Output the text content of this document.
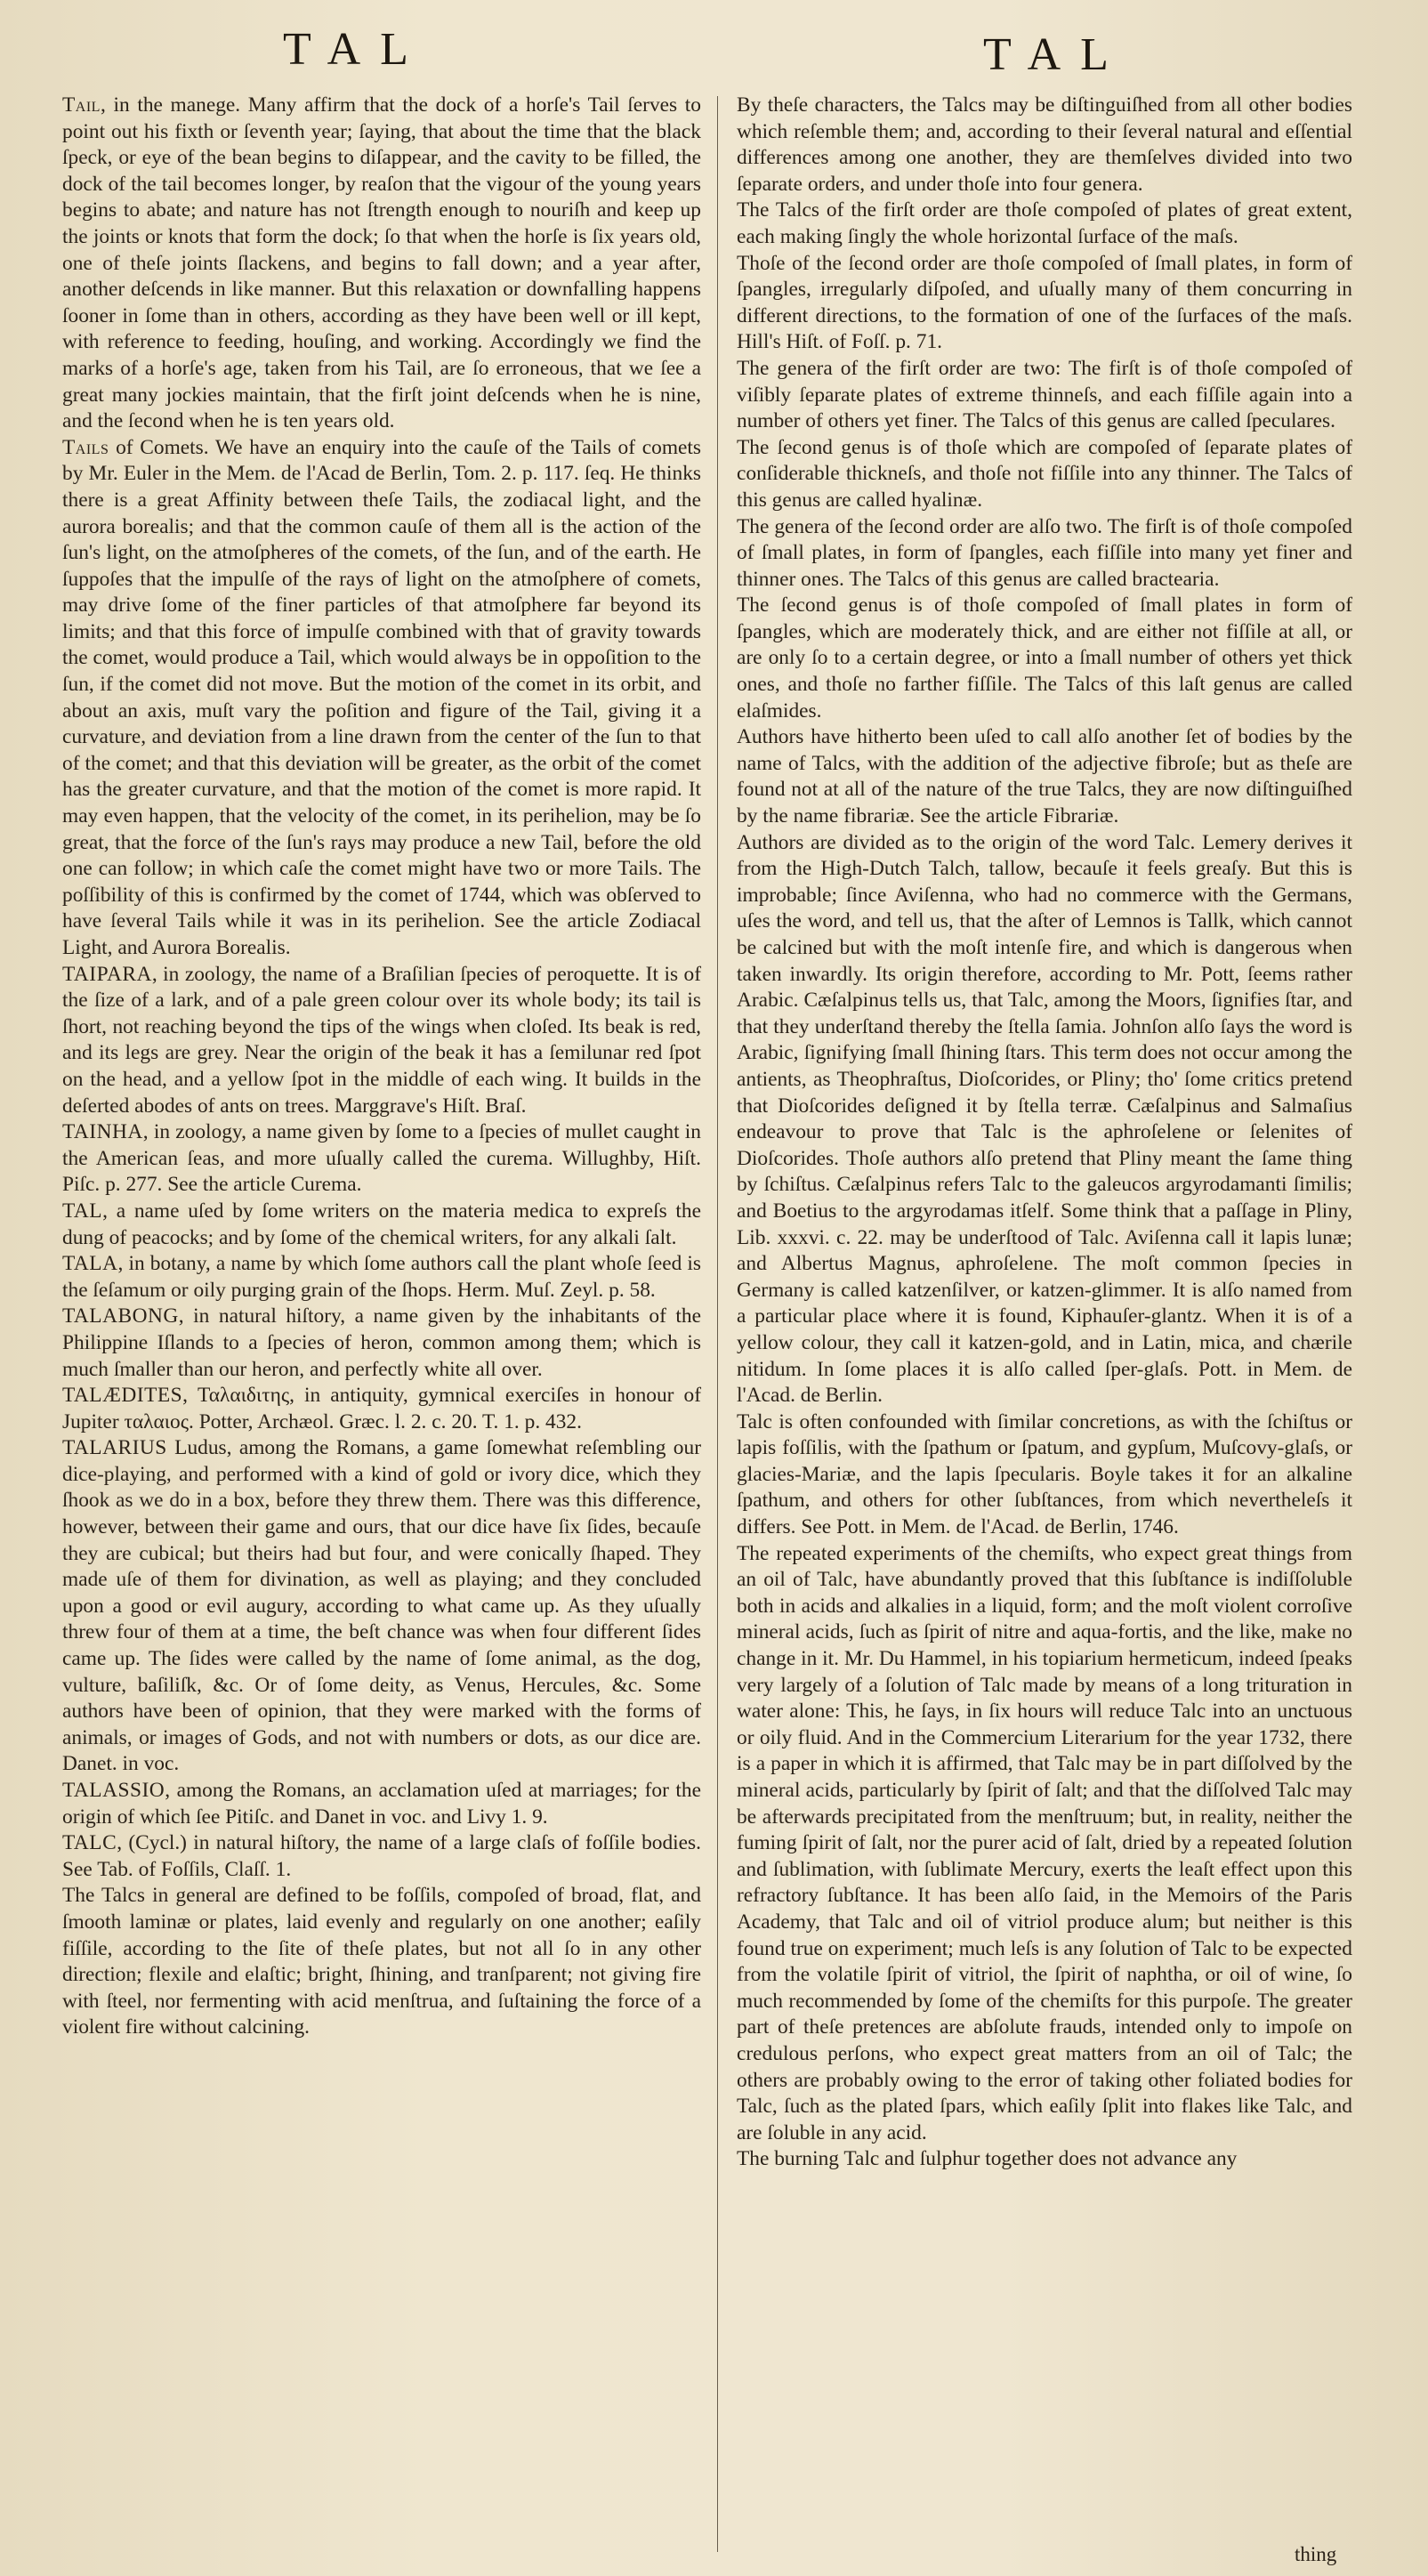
TAL	TAL

Tail, in the manege. Many affirm that the dock of a horſe's Tail ſerves to point out his fixth or ſeventh year; ſaying, that about the time that the black ſpeck, or eye of the bean begins to diſappear, and the cavity to be filled, the dock of the tail becomes longer, by reaſon that the vigour of the young years begins to abate; and nature has not ſtrength enough to nouriſh and keep up the joints or knots that form the dock; ſo that when the horſe is ſix years old, one of theſe joints ſlackens, and begins to fall down; and a year after, another deſcends in like manner. But this relaxation or downfalling happens ſooner in ſome than in others, according as they have been well or ill kept, with reference to feeding, houſing, and working. Accordingly we find the marks of a horſe's age, taken from his Tail, are ſo erroneous, that we ſee a great many jockies maintain, that the firſt joint deſcends when he is nine, and the ſecond when he is ten years old.

Tails of Comets. We have an enquiry into the cauſe of the Tails of comets by Mr. Euler in the Mem. de l'Acad de Berlin, Tom. 2. p. 117. ſeq. He thinks there is a great Affinity between theſe Tails, the zodiacal light, and the aurora borealis; and that the common cauſe of them all is the action of the ſun's light, on the atmoſpheres of the comets, of the ſun, and of the earth. He ſuppoſes that the impulſe of the rays of light on the atmoſphere of comets, may drive ſome of the finer particles of that atmoſphere far beyond its limits; and that this force of impulſe combined with that of gravity towards the comet, would produce a Tail, which would always be in oppoſition to the ſun, if the comet did not move. But the motion of the comet in its orbit, and about an axis, muſt vary the poſition and figure of the Tail, giving it a curvature, and deviation from a line drawn from the center of the ſun to that of the comet; and that this deviation will be greater, as the orbit of the comet has the greater curvature, and that the motion of the comet is more rapid. It may even happen, that the velocity of the comet, in its perihelion, may be ſo great, that the force of the ſun's rays may produce a new Tail, before the old one can follow; in which caſe the comet might have two or more Tails. The poſſibility of this is confirmed by the comet of 1744, which was obſerved to have ſeveral Tails while it was in its perihelion. See the article Zodiacal Light, and Aurora Borealis.

TAIPARA, in zoology, the name of a Braſilian ſpecies of peroquette. It is of the ſize of a lark, and of a pale green colour over its whole body; its tail is ſhort, not reaching beyond the tips of the wings when cloſed. Its beak is red, and its legs are grey. Near the origin of the beak it has a ſemilunar red ſpot on the head, and a yellow ſpot in the middle of each wing. It builds in the deſerted abodes of ants on trees. Marggrave's Hiſt. Braſ.

TAINHA, in zoology, a name given by ſome to a ſpecies of mullet caught in the American ſeas, and more uſually called the curema. Willughby, Hiſt. Piſc. p. 277. See the article Curema.

TAL, a name uſed by ſome writers on the materia medica to expreſs the dung of peacocks; and by ſome of the chemical writers, for any alkali ſalt.

TALA, in botany, a name by which ſome authors call the plant whoſe ſeed is the ſeſamum or oily purging grain of the ſhops. Herm. Muſ. Zeyl. p. 58.

TALABONG, in natural hiſtory, a name given by the inhabitants of the Philippine Iſlands to a ſpecies of heron, common among them; which is much ſmaller than our heron, and perfectly white all over.

TALÆDITES, Ταλαιδιτης, in antiquity, gymnical exerciſes in honour of Jupiter ταλαιος. Potter, Archæol. Græc. l. 2. c. 20. T. 1. p. 432.

TALARIUS Ludus, among the Romans, a game ſomewhat reſembling our dice-playing, and performed with a kind of gold or ivory dice, which they ſhook as we do in a box, before they threw them. There was this difference, however, between their game and ours, that our dice have ſix ſides, becauſe they are cubical; but theirs had but four, and were conically ſhaped. They made uſe of them for divination, as well as playing; and they concluded upon a good or evil augury, according to what came up. As they uſually threw four of them at a time, the beſt chance was when four different ſides came up. The ſides were called by the name of ſome animal, as the dog, vulture, baſiliſk, &c. Or of ſome deity, as Venus, Hercules, &c. Some authors have been of opinion, that they were marked with the forms of animals, or images of Gods, and not with numbers or dots, as our dice are. Danet. in voc.

TALASSIO, among the Romans, an acclamation uſed at marriages; for the origin of which ſee Pitiſc. and Danet in voc. and Livy 1. 9.

TALC, (Cycl.) in natural hiſtory, the name of a large claſs of foſſile bodies. See Tab. of Foſſils, Claſſ. 1.

The Talcs in general are defined to be foſſils, compoſed of broad, flat, and ſmooth laminæ or plates, laid evenly and regularly on one another; eaſily fiſſile, according to the ſite of theſe plates, but not all ſo in any other direction; flexile and elaſtic; bright, ſhining, and tranſparent; not giving fire with ſteel, nor fermenting with acid menſtrua, and ſuſtaining the force of a violent fire without calcining.

By theſe characters, the Talcs may be diſtinguiſhed from all other bodies which reſemble them; and, according to their ſeveral natural and eſſential differences among one another, they are themſelves divided into two ſeparate orders, and under thoſe into four genera.

The Talcs of the firſt order are thoſe compoſed of plates of great extent, each making ſingly the whole horizontal ſurface of the maſs.

Thoſe of the ſecond order are thoſe compoſed of ſmall plates, in form of ſpangles, irregularly diſpoſed, and uſually many of them concurring in different directions, to the formation of one of the ſurfaces of the maſs. Hill's Hiſt. of Foſſ. p. 71.

The genera of the firſt order are two: The firſt is of thoſe compoſed of viſibly ſeparate plates of extreme thinneſs, and each fiſſile again into a number of others yet finer. The Talcs of this genus are called ſpeculares.

The ſecond genus is of thoſe which are compoſed of ſeparate plates of conſiderable thickneſs, and thoſe not fiſſile into any thinner. The Talcs of this genus are called hyalinæ.

The genera of the ſecond order are alſo two. The firſt is of thoſe compoſed of ſmall plates, in form of ſpangles, each fiſſile into many yet finer and thinner ones. The Talcs of this genus are called bractearia.

The ſecond genus is of thoſe compoſed of ſmall plates in form of ſpangles, which are moderately thick, and are either not fiſſile at all, or are only ſo to a certain degree, or into a ſmall number of others yet thick ones, and thoſe no farther fiſſile. The Talcs of this laſt genus are called elaſmides.

Authors have hitherto been uſed to call alſo another ſet of bodies by the name of Talcs, with the addition of the adjective fibroſe; but as theſe are found not at all of the nature of the true Talcs, they are now diſtinguiſhed by the name fibrariæ. See the article Fibrariæ.

Authors are divided as to the origin of the word Talc. Lemery derives it from the High-Dutch Talch, tallow, becauſe it feels greaſy. But this is improbable; ſince Aviſenna, who had no commerce with the Germans, uſes the word, and tell us, that the aſter of Lemnos is Tallk, which cannot be calcined but with the moſt intenſe fire, and which is dangerous when taken inwardly. Its origin therefore, according to Mr. Pott, ſeems rather Arabic. Cæſalpinus tells us, that Talc, among the Moors, ſignifies ſtar, and that they underſtand thereby the ſtella ſamia. Johnſon alſo ſays the word is Arabic, ſignifying ſmall ſhining ſtars. This term does not occur among the antients, as Theophraſtus, Dioſcorides, or Pliny; tho' ſome critics pretend that Dioſcorides deſigned it by ſtella terræ. Cæſalpinus and Salmaſius endeavour to prove that Talc is the aphroſelene or ſelenites of Dioſcorides. Thoſe authors alſo pretend that Pliny meant the ſame thing by ſchiſtus. Cæſalpinus refers Talc to the galeucos argyrodamanti ſimilis; and Boetius to the argyrodamas itſelf. Some think that a paſſage in Pliny, Lib. xxxvi. c. 22. may be underſtood of Talc. Aviſenna call it lapis lunæ; and Albertus Magnus, aphroſelene. The moſt common ſpecies in Germany is called katzenſilver, or katzen-glimmer. It is alſo named from a particular place where it is found, Kiphauſer-glantz. When it is of a yellow colour, they call it katzen-gold, and in Latin, mica, and chærile nitidum. In ſome places it is alſo called ſper-glaſs. Pott. in Mem. de l'Acad. de Berlin.

Talc is often confounded with ſimilar concretions, as with the ſchiſtus or lapis foſſilis, with the ſpathum or ſpatum, and gypſum, Muſcovy-glaſs, or glacies-Mariæ, and the lapis ſpecularis. Boyle takes it for an alkaline ſpathum, and others for other ſubſtances, from which nevertheleſs it differs. See Pott. in Mem. de l'Acad. de Berlin, 1746.

The repeated experiments of the chemiſts, who expect great things from an oil of Talc, have abundantly proved that this ſubſtance is indiſſoluble both in acids and alkalies in a liquid, form; and the moſt violent corroſive mineral acids, ſuch as ſpirit of nitre and aqua-fortis, and the like, make no change in it. Mr. Du Hammel, in his topiarium hermeticum, indeed ſpeaks very largely of a ſolution of Talc made by means of a long trituration in water alone: This, he ſays, in ſix hours will reduce Talc into an unctuous or oily fluid. And in the Commercium Literarium for the year 1732, there is a paper in which it is affirmed, that Talc may be in part diſſolved by the mineral acids, particularly by ſpirit of ſalt; and that the diſſolved Talc may be afterwards precipitated from the menſtruum; but, in reality, neither the fuming ſpirit of ſalt, nor the purer acid of ſalt, dried by a repeated ſolution and ſublimation, with ſublimate Mercury, exerts the leaſt effect upon this refractory ſubſtance. It has been alſo ſaid, in the Memoirs of the Paris Academy, that Talc and oil of vitriol produce alum; but neither is this found true on experiment; much leſs is any ſolution of Talc to be expected from the volatile ſpirit of vitriol, the ſpirit of naphtha, or oil of wine, ſo much recommended by ſome of the chemiſts for this purpoſe. The greater part of theſe pretences are abſolute frauds, intended only to impoſe on credulous perſons, who expect great matters from an oil of Talc; the others are probably owing to the error of taking other foliated bodies for Talc, ſuch as the plated ſpars, which eaſily ſplit into flakes like Talc, and are ſoluble in any acid.

The burning Talc and ſulphur together does not advance any

thing
